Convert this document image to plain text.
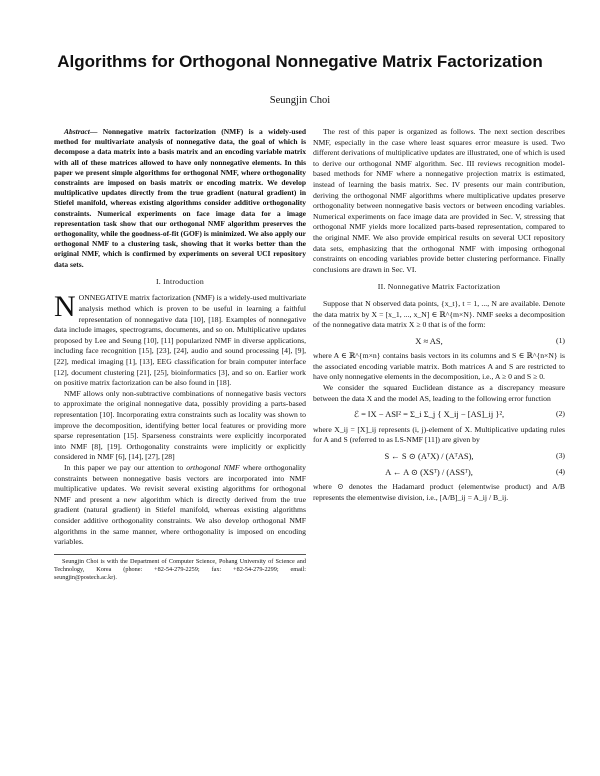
Algorithms for Orthogonal Nonnegative Matrix Factorization
Seungjin Choi

Abstract— Nonnegative matrix factorization (NMF) is a widely-used method for multivariate analysis of nonnegative data, the goal of which is decompose a data matrix into a basis matrix and an encoding variable matrix with all of these matrices allowed to have only nonnegative elements. In this paper we present simple algorithms for orthogonal NMF, where orthogonality constraints are imposed on basis matrix or encoding matrix. We develop multiplicative updates directly from the true gradient (natural gradient) in Stiefel manifold, whereas existing algorithms consider additive orthogonality constraints. Numerical experiments on face image data for a image representation task show that our orthogonal NMF algorithm preserves the orthogonality, while the goodness-of-fit (GOF) is minimized. We also apply our orthogonal NMF to a clustering task, showing that it works better than the original NMF, which is confirmed by experiments on several UCI repository data sets.

I. Introduction

NONNEGATIVE matrix factorization (NMF) is a widely-used multivariate analysis method which is proven to be useful in learning a faithful representation of nonnegative data [10], [18]. Examples of nonnegative data include images, spectrograms, documents, and so on. Multiplicative updates proposed by Lee and Seung [10], [11] popularized NMF in diverse applications, including face recognition [15], [23], [24], audio and sound processing [4], [9], [22], medical imaging [1], [13], EEG classification for brain computer interface [12], document clustering [21], [25], bioinformatics [3], and so on. Earlier work on positive matrix factorization can be also found in [18].

NMF allows only non-subtractive combinations of nonnegative basis vectors to approximate the original nonnegative data, possibly providing a parts-based representation [10]. Incorporating extra constraints such as locality was shown to improve the decomposition, identifying better local features or providing more sparse representation [15]. Sparseness constraints were explicitly incorporated into NMF [8], [19]. Orthogonality constraints were implicitly or explicitly considered in NMF [6], [14], [27], [28]

In this paper we pay our attention to orthogonal NMF where orthogonality constraints between nonnegative basis vectors are incorporated into NMF multiplicative updates. We revisit several existing algorithms for orthogonal NMF and present a new algorithm which is directly derived from the true gradient (natural gradient) in Stiefel manifold, whereas existing algorithms consider additive orthogonality constraints. We also develop orthogonal NMF algorithms in the same manner, where orthogonality is imposed on encoding variables.

Seungjin Choi is with the Department of Computer Science, Pohang University of Science and Technology, Korea (phone: +82-54-279-2259; fax: +82-54-279-2299; email: seungjin@postech.ac.kr).

The rest of this paper is organized as follows. The next section describes NMF, especially in the case where least squares error measure is used. Two different derivations of multiplicative updates are illustrated, one of which is used to derive our orthogonal NMF algorithm. Sec. III reviews recognition model-based methods for NMF where a nonnegative projection matrix is estimated, instead of learning the basis matrix. Sec. IV presents our main contribution, deriving the orthogonal NMF algorithms where multiplicative updates preserve orthogonality between nonnegative basis vectors or between encoding variables. Numerical experiments on face image data are provided in Sec. V, stressing that orthogonal NMF yields more localized parts-based representation, compared to the original NMF. We also provide empirical results on several UCI repository data sets, emphasizing that the orthogonal NMF with imposing orthogonal constraints on encoding variables provide better clustering performance. Finally conclusions are drawn in Sec. VI.

II. Nonnegative Matrix Factorization

Suppose that N observed data points, {x_t}, t = 1, ..., N are available. Denote the data matrix by X = [x_1, ..., x_N] ∈ ℝ^{m×N}. NMF seeks a decomposition of the nonnegative data matrix X ≥ 0 that is of the form:

X ≈ AS,	(1)

where A ∈ ℝ^{m×n} contains basis vectors in its columns and S ∈ ℝ^{n×N} is the associated encoding variable matrix. Both matrices A and S are restricted to have only nonnegative elements in the decomposition, i.e., A ≥ 0 and S ≥ 0.

We consider the squared Euclidean distance as a discrepancy measure between the data X and the model AS, leading to the following error function

ℰ = ‖X − AS‖² = Σ_i Σ_j { X_ij − [AS]_ij }²,	(2)

where X_ij = [X]_ij represents (i, j)-element of X. Multiplicative updating rules for A and S (referred to as LS-NMF [11]) are given by

S ← S ⊙ (AᵀX) / (AᵀAS),	(3)
A ← A ⊙ (XSᵀ) / (ASSᵀ),	(4)

where ⊙ denotes the Hadamard product (elementwise product) and A/B represents the elementwise division, i.e., [A/B]_ij = A_ij / B_ij.
